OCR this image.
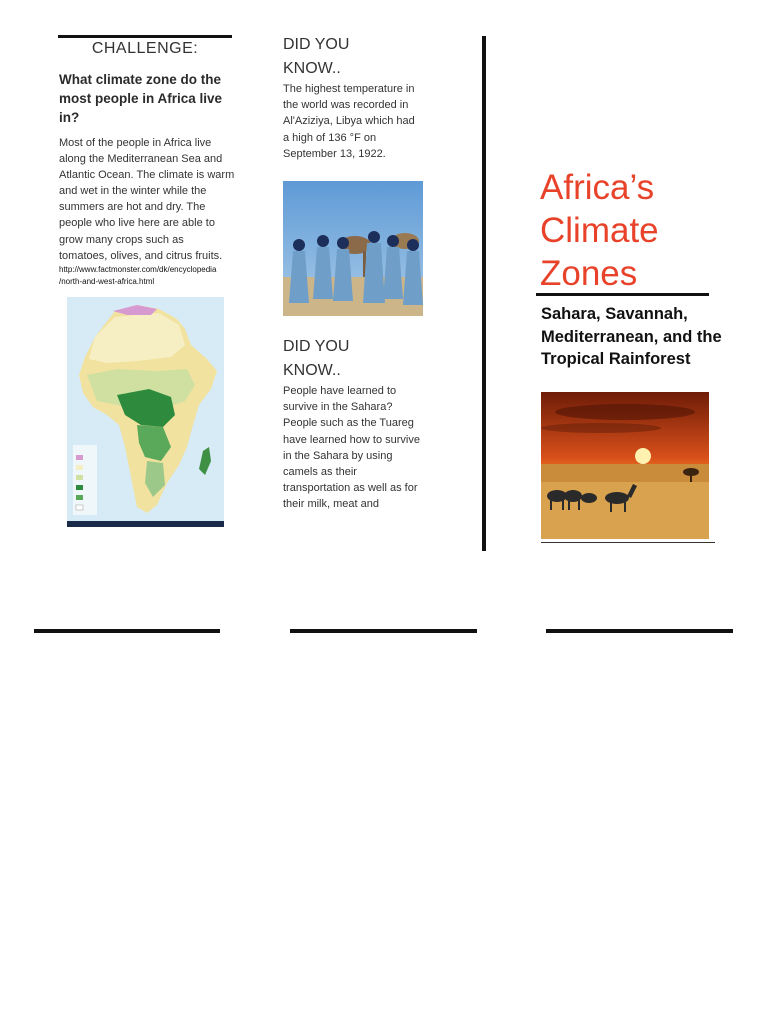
CHALLENGE:
What climate zone do the most people in Africa live in?
Most of the people in Africa live along the Mediterranean Sea and Atlantic Ocean. The climate is warm and wet in the winter while the summers are hot and dry. The people who live here are able to grow many crops such as tomatoes, olives, and citrus fruits.
http://www.factmonster.com/dk/encyclopedia
/north-and-west-africa.html
DID YOU
KNOW..
The highest temperature in the world was recorded in Al'Aziziya, Libya which had a high of 136 °F on September 13, 1922.
DID YOU
KNOW..
People have learned to survive in the Sahara? People such as the Tuareg have learned how to survive in the Sahara by using camels as their transportation as well as for their milk, meat and
Africa’s
Climate
Zones
Sahara, Savannah, Mediterranean, and the Tropical Rainforest
